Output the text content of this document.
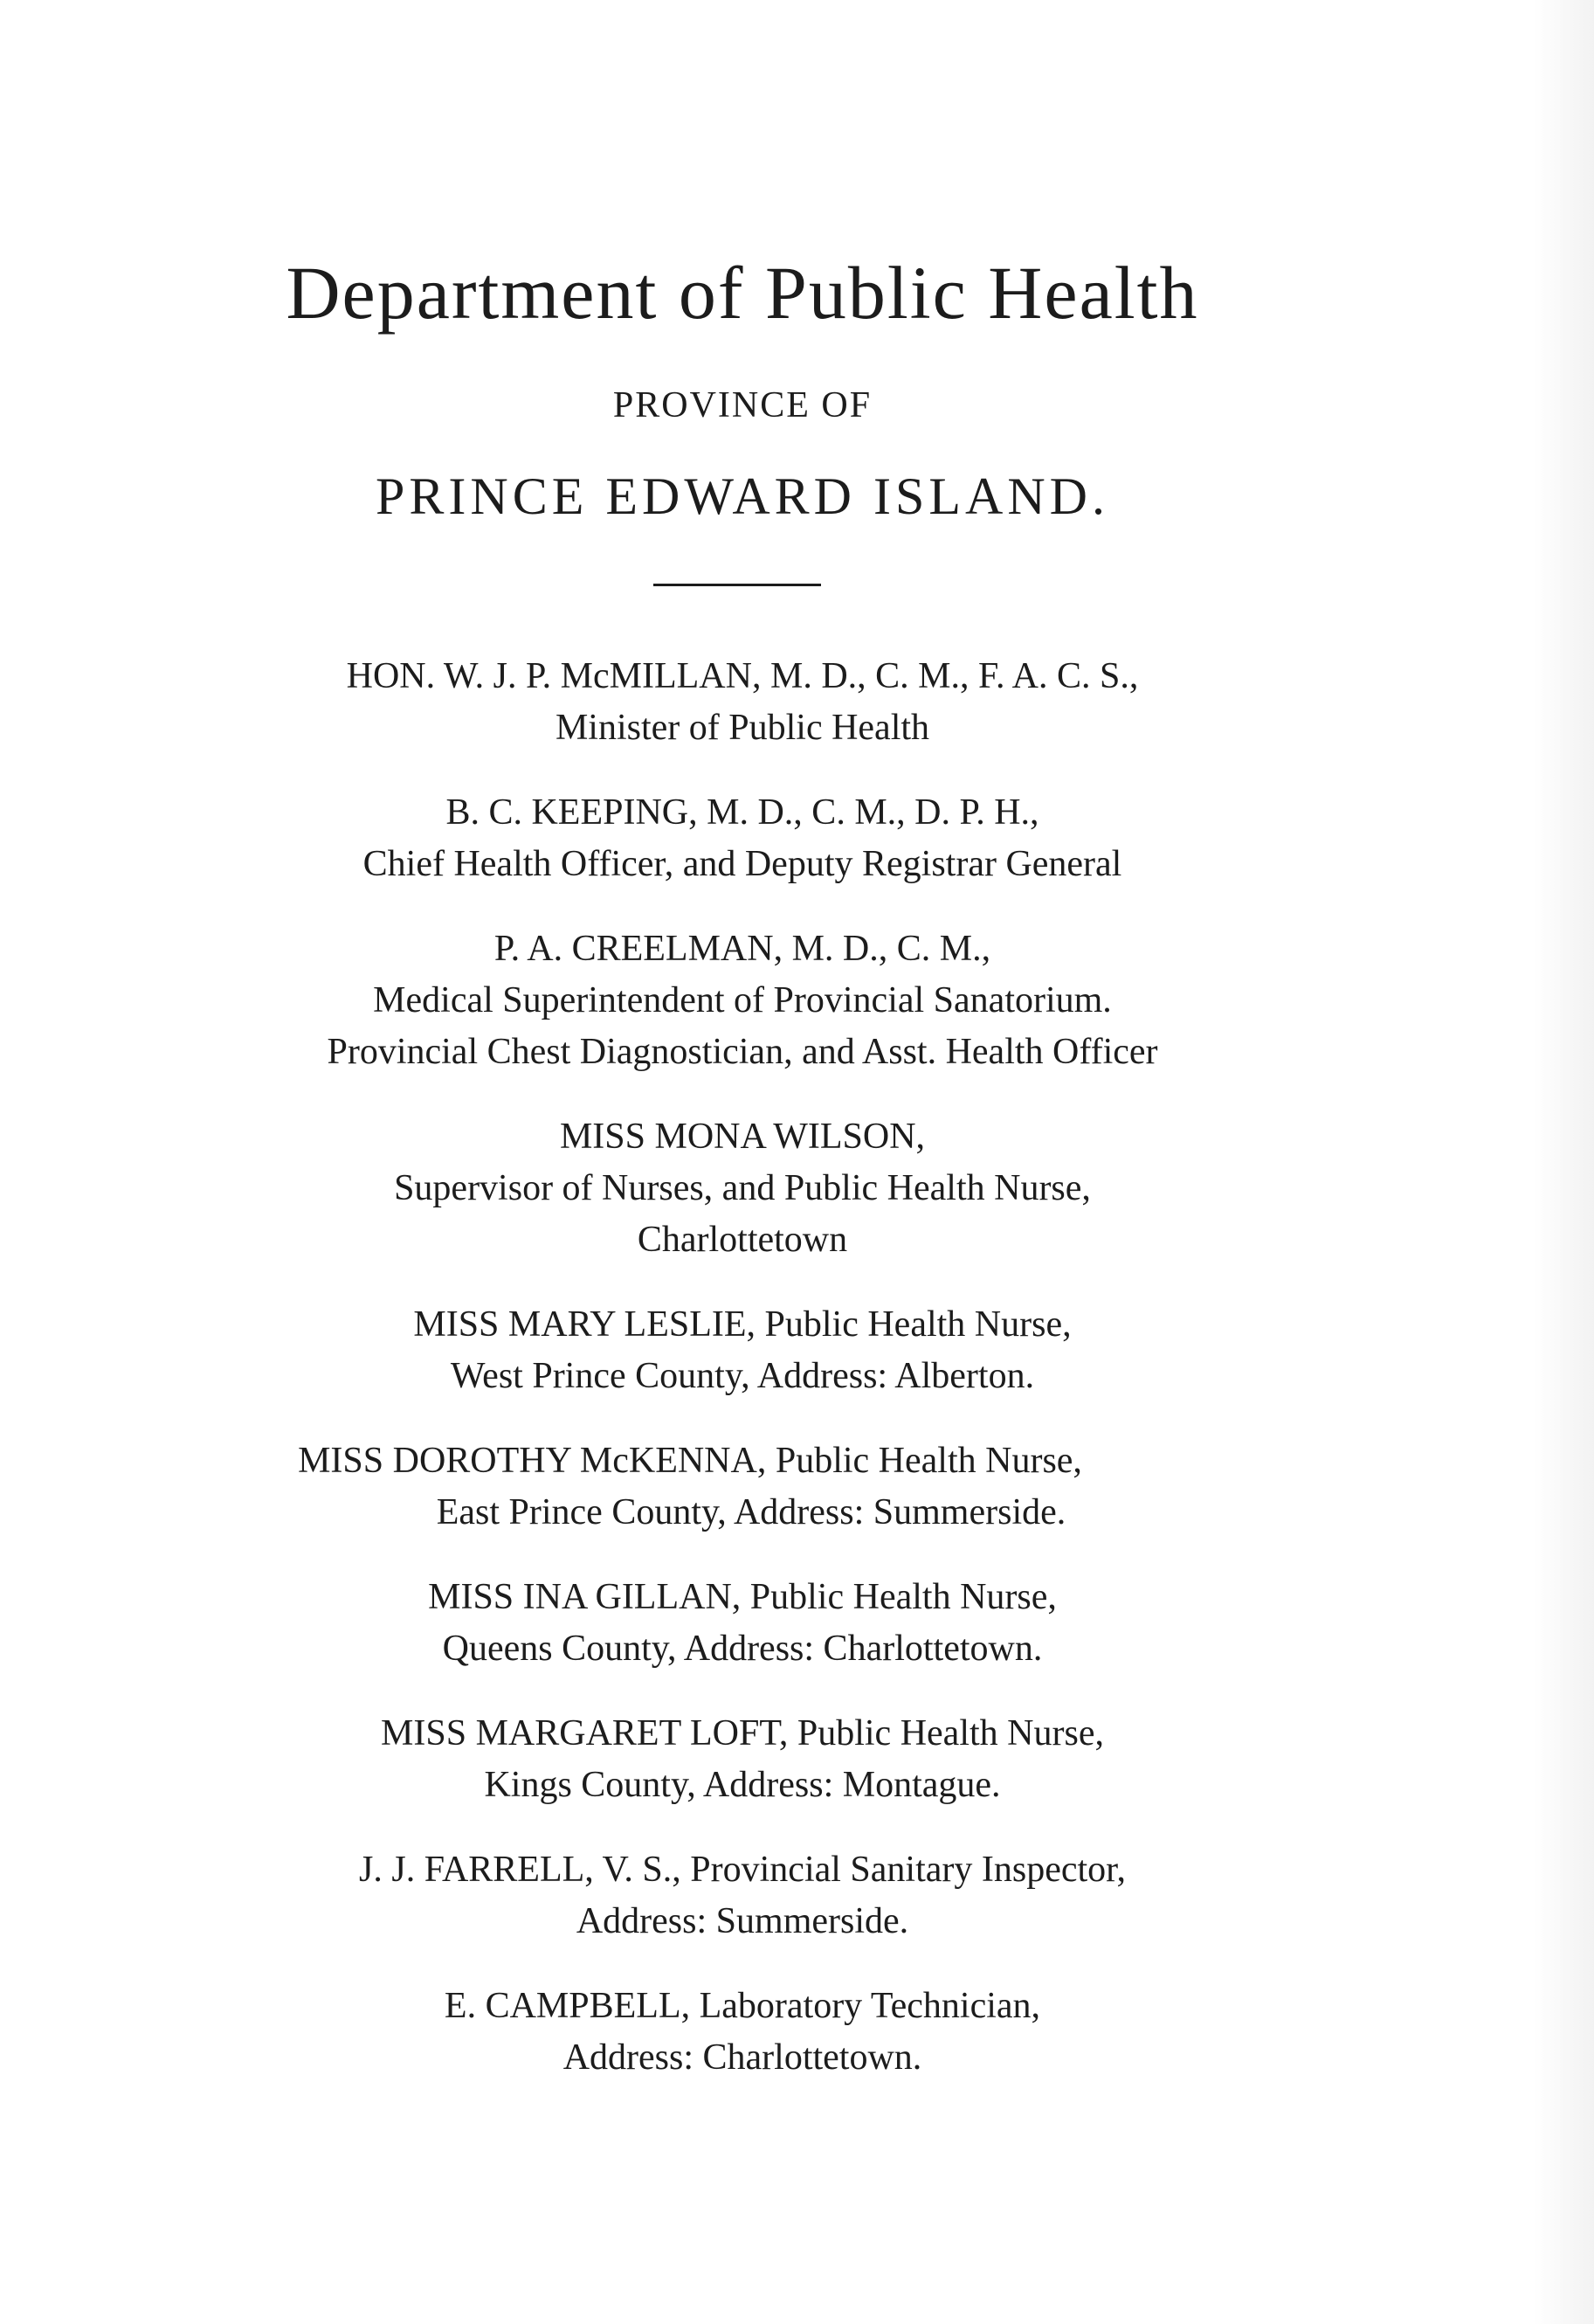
Department of Public Health
PROVINCE OF
PRINCE EDWARD ISLAND.
HON. W. J. P. McMILLAN, M. D., C. M., F. A. C. S.,
Minister of Public Health
B. C. KEEPING, M. D., C. M., D. P. H.,
Chief Health Officer, and Deputy Registrar General
P. A. CREELMAN, M. D., C. M.,
Medical Superintendent of Provincial Sanatorium.
Provincial Chest Diagnostician, and Asst. Health Officer
MISS MONA WILSON,
Supervisor of Nurses, and Public Health Nurse,
Charlottetown
MISS MARY LESLIE, Public Health Nurse,
West Prince County, Address: Alberton.
MISS DOROTHY McKENNA, Public Health Nurse,
East Prince County, Address: Summerside.
MISS INA GILLAN, Public Health Nurse,
Queens County, Address: Charlottetown.
MISS MARGARET LOFT, Public Health Nurse,
Kings County, Address: Montague.
J. J. FARRELL, V. S., Provincial Sanitary Inspector,
Address: Summerside.
E. CAMPBELL, Laboratory Technician,
Address: Charlottetown.
